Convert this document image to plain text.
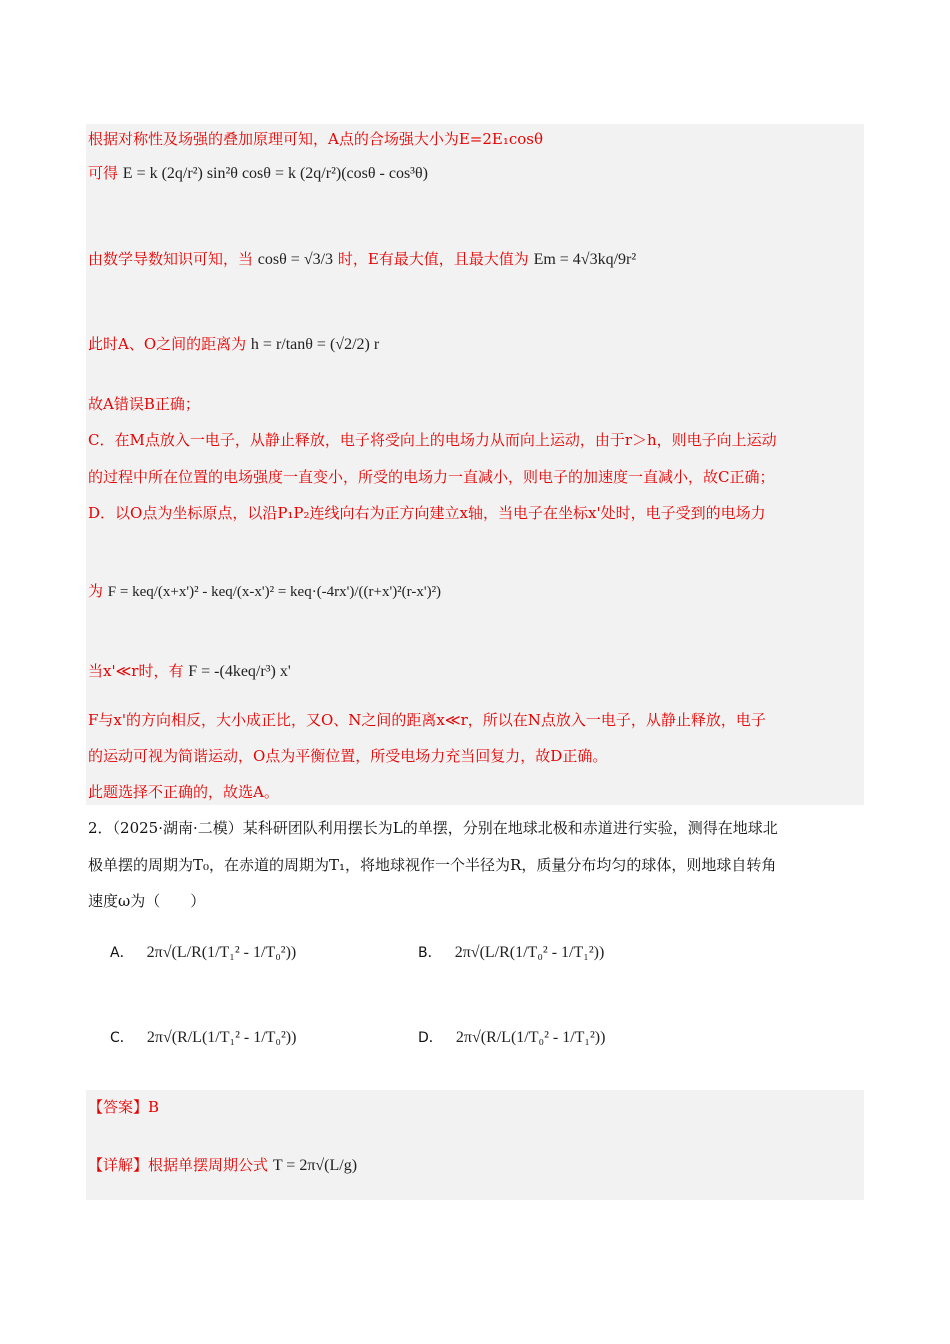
根据对称性及场强的叠加原理可知，A点的合场强大小为E=2E₁cosθ
可得 E = k (2q/r²) sin²θ cosθ = k (2q/r²)(cosθ - cos³θ)
由数学导数知识可知，当 cosθ = √3/3 时，E有最大值，且最大值为 Em = 4√3kq/9r²
此时A、O之间的距离为 h = r/tanθ = (√2/2) r
故A错误B正确；
C．在M点放入一电子，从静止释放，电子将受向上的电场力从而向上运动，由于r＞h，则电子向上运动
的过程中所在位置的电场强度一直变小，所受的电场力一直减小，则电子的加速度一直减小，故C正确；
D．以O点为坐标原点，以沿P₁P₂连线向右为正方向建立x轴，当电子在坐标x'处时，电子受到的电场力
为 F = keq/(x+x')² - keq/(x-x')² = keq·(-4rx')/((r+x')²(r-x')²)
当x'≪r时，有 F = -(4keq/r³) x'
F与x'的方向相反，大小成正比，又O、N之间的距离x≪r，所以在N点放入一电子，从静止释放，电子
的运动可视为简谐运动，O点为平衡位置，所受电场力充当回复力，故D正确。
此题选择不正确的，故选A。
2．（2025·湖南·二模）某科研团队利用摆长为L的单摆，分别在地球北极和赤道进行实验，测得在地球北
极单摆的周期为T₀，在赤道的周期为T₁，将地球视作一个半径为R，质量分布均匀的球体，则地球自转角
速度ω为（　　）
A． 2π√(L/R(1/T₁² - 1/T₀²))	B． 2π√(L/R(1/T₀² - 1/T₁²))
C． 2π√(R/L(1/T₁² - 1/T₀²))	D． 2π√(R/L(1/T₀² - 1/T₁²))
【答案】B
【详解】根据单摆周期公式 T = 2π√(L/g)
